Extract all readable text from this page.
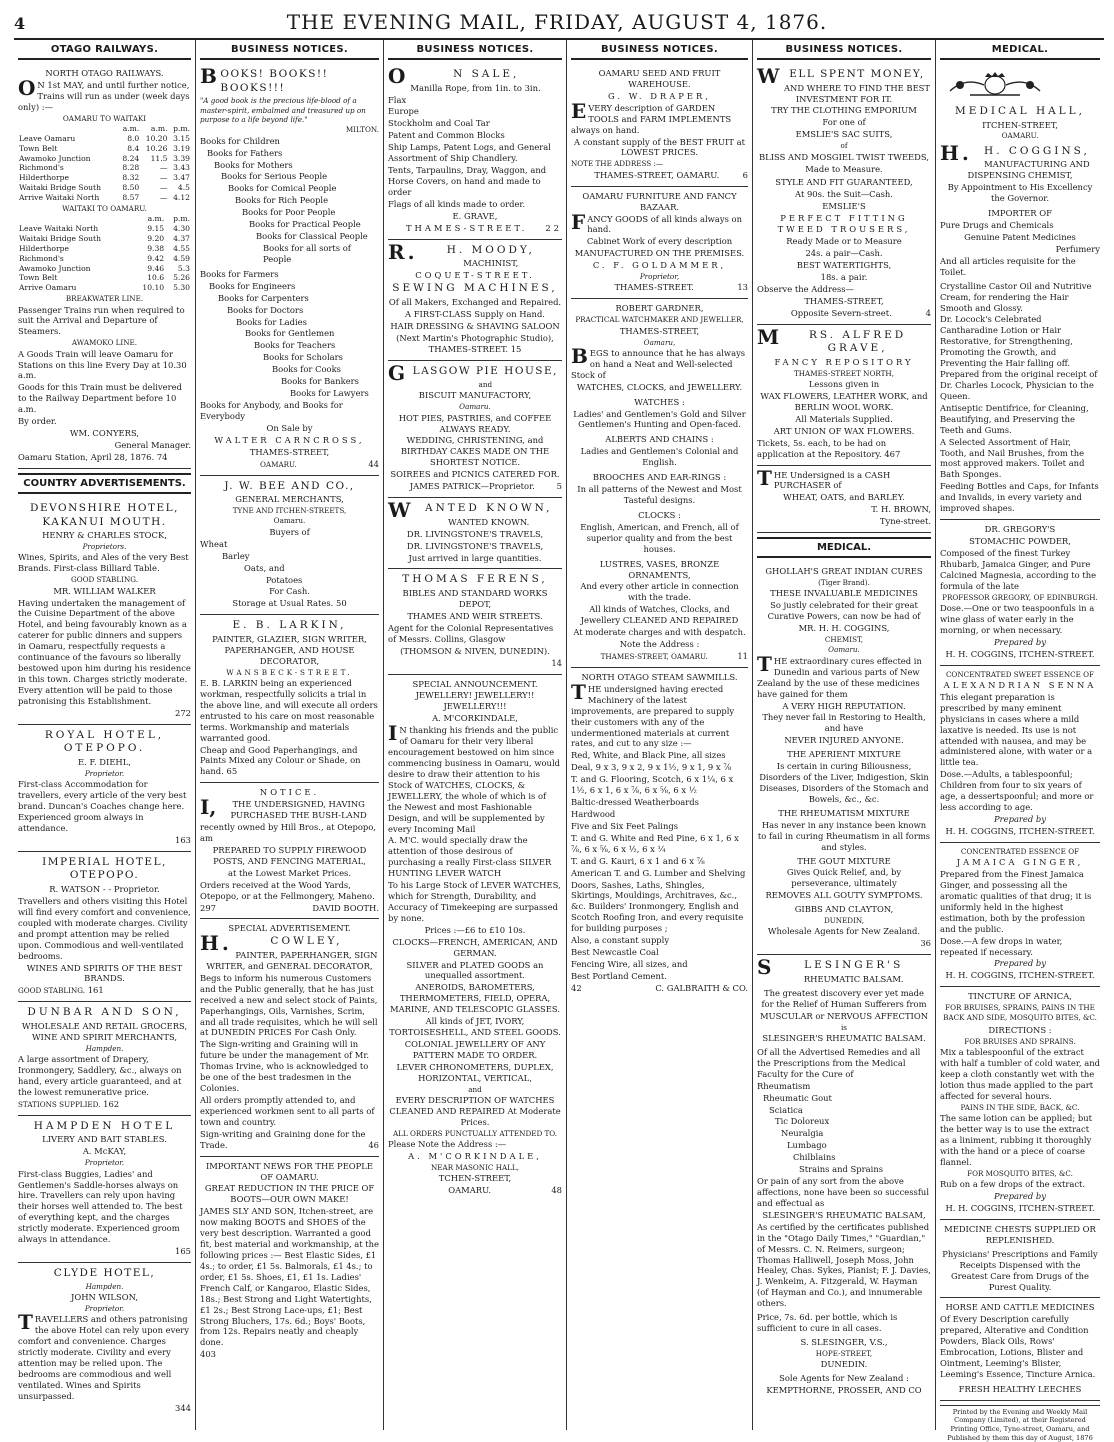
4	THE EVENING MAIL, FRIDAY, AUGUST 4, 1876.
OTAGO RAILWAYS.

NORTH OTAGO RAILWAYS.

ON 1st MAY, and until further notice, Trains will run as under (week days only) :—

OAMARU TO WAITAKI

	a.m.	a.m.	p.m.
Leave Oamaru	8.0	10.20	3.15
Town Belt	8.4	10.26	3.19
Awamoko Junction	8.24	11.5	3.39
Richmond's	8.28	—	3.43
Hilderthorpe	8.32	—	3.47
Waitaki Bridge South	8.50	—	4.5
Arrive Waitaki North	8.57	—	4.12

WAITAKI TO OAMARU.

	a.m.	p.m.
Leave Waitaki North	9.15	4.30
Waitaki Bridge South	9.20	4.37
Hilderthorpe	9.38	4.55
Richmond's	9.42	4.59
Awamoko Junction	9.46	5.3
Town Belt	10.6	5.26
Arrive Oamaru	10.10	5.30

BREAKWATER LINE.

Passenger Trains run when required to suit the Arrival and Departure of Steamers.

AWAMOKO LINE.

A Goods Train will leave Oamaru for Stations on this line Every Day at 10.30 a.m.

Goods for this Train must be delivered to the Railway Department before 10 a.m.

By order.

WM. CONYERS,

General Manager.

Oamaru Station, April 28, 1876. 74

COUNTRY ADVERTISEMENTS.

DEVONSHIRE HOTEL, KAKANUI MOUTH.

HENRY & CHARLES STOCK,

Proprietors.

Wines, Spirits, and Ales of the very Best Brands. First-class Billiard Table.

GOOD STABLING.

MR. WILLIAM WALKER

Having undertaken the management of the Cuisine Department of the above Hotel, and being favourably known as a caterer for public dinners and suppers in Oamaru, respectfully requests a continuance of the favours so liberally bestowed upon him during his residence in this town. Charges strictly moderate. Every attention will be paid to those patronising this Establishment.

272

ROYAL HOTEL, OTEPOPO.

E. F. DIEHL,

Proprietor.

First-class Accommodation for travellers, every article of the very best brand. Duncan's Coaches change here. Experienced groom always in attendance.

163

IMPERIAL HOTEL, OTEPOPO.

R. WATSON - - Proprietor.

Travellers and others visiting this Hotel will find every comfort and convenience, coupled with moderate charges. Civility and prompt attention may be relied upon. Commodious and well-ventilated bedrooms.

WINES AND SPIRITS OF THE BEST BRANDS.

GOOD STABLING. 161

DUNBAR AND SON,

WHOLESALE AND RETAIL GROCERS, WINE AND SPIRIT MERCHANTS,

Hampden.

A large assortment of Drapery, Ironmongery, Saddlery, &c., always on hand, every article guaranteed, and at the lowest remunerative price.

STATIONS SUPPLIED. 162

HAMPDEN HOTEL

LIVERY AND BAIT STABLES.

A. McKAY,

Proprietor.

First-class Buggies, Ladies' and Gentlemen's Saddle-horses always on hire. Travellers can rely upon having their horses well attended to. The best of everything kept, and the charges strictly moderate. Experienced groom always in attendance.

165

CLYDE HOTEL,

Hampden.

JOHN WILSON,

Proprietor.

TRAVELLERS and others patronising the above Hotel can rely upon every comfort and convenience. Charges strictly moderate. Civility and every attention may be relied upon. The bedrooms are commodious and well ventilated. Wines and Spirits unsurpassed.

344

BUSINESS NOTICES.

BOOKS! BOOKS!! BOOKS!!!

"A good book is the precious life-blood of a master-spirit, embalmed and treasured up on purpose to a life beyond life."

MILTON.

Books for Children

Books for Fathers

Books for Mothers

Books for Serious People

Books for Comical People

Books for Rich People

Books for Poor People

Books for Practical People

Books for Classical People

Books for all sorts of People

Books for Farmers

Books for Engineers

Books for Carpenters

Books for Doctors

Books for Ladies

Books for Gentlemen

Books for Teachers

Books for Scholars

Books for Cooks

Books for Bankers

Books for Lawyers

Books for Anybody, and Books for Everybody

On Sale by

WALTER CARNCROSS,

THAMES-STREET,

OAMARU.	44

J. W. BEE AND CO.,

GENERAL MERCHANTS,

TYNE AND ITCHEN-STREETS,

Oamaru.

Buyers of

Wheat

Barley

Oats, and

Potatoes

For Cash.

Storage at Usual Rates. 50

E. B. LARKIN,

PAINTER, GLAZIER, SIGN WRITER, PAPERHANGER, AND HOUSE DECORATOR,

WANSBECK-STREET.

E. B. LARKIN being an experienced workman, respectfully solicits a trial in the above line, and will execute all orders entrusted to his care on most reasonable terms. Workmanship and materials warranted good.

Cheap and Good Paperhangings, and Paints Mixed any Colour or Shade, on hand. 65

NOTICE.

I,THE UNDERSIGNED, HAVING PURCHASED THE BUSH-LAND

recently owned by Hill Bros., at Otepopo, am

PREPARED TO SUPPLY FIREWOOD POSTS, AND FENCING MATERIAL,

at the Lowest Market Prices.

Orders received at the Wood Yards, Otepopo, or at the Fellmongery, Maheno.

297	DAVID BOOTH.

SPECIAL ADVERTISEMENT.

H.COWLEY,

PAINTER, PAPERHANGER, SIGN WRITER, and GENERAL DECORATOR,

Begs to inform his numerous Customers and the Public generally, that he has just received a new and select stock of Paints, Paperhangings, Oils, Varnishes, Scrim, and all trade requisites, which he will sell at DUNEDIN PRICES For Cash Only.

The Sign-writing and Graining will in future be under the management of Mr. Thomas Irvine, who is acknowledged to be one of the best tradesmen in the Colonies.

All orders promptly attended to, and experienced workmen sent to all parts of town and country.

Sign-writing and Graining done for the Trade.	46

IMPORTANT NEWS FOR THE PEOPLE OF OAMARU.

GREAT REDUCTION IN THE PRICE OF BOOTS—OUR OWN MAKE!

JAMES SLY AND SON, Itchen-street, are now making BOOTS and SHOES of the very best description. Warranted a good fit, best material and workmanship, at the following prices :— Best Elastic Sides, £1 4s.; to order, £1 5s. Balmorals, £1 4s.; to order, £1 5s. Shoes, £1, £1 1s. Ladies' French Calf, or Kangaroo, Elastic Sides, 18s.; Best Strong and Light Watertights, £1 2s.; Best Strong Lace-ups, £1; Best Strong Bluchers, 17s. 6d.; Boys' Boots, from 12s. Repairs neatly and cheaply done.

403

BUSINESS NOTICES.

ON SALE,

Manilla Rope, from 1in. to 3in.

Flax

Europe

Stockholm and Coal Tar

Patent and Common Blocks

Ship Lamps, Patent Logs, and General Assortment of Ship Chandlery.

Tents, Tarpaulins, Dray, Waggon, and Horse Covers, on hand and made to order

Flags of all kinds made to order.

E. GRAVE,

THAMES-STREET. 22

R.H. MOODY,

MACHINIST,

COQUET-STREET.

SEWING MACHINES,

Of all Makers, Exchanged and Repaired.

A FIRST-CLASS Supply on Hand.

HAIR DRESSING & SHAVING SALOON

(Next Martin's Photographic Studio),

THAMES-STREET. 15

GLASGOW PIE HOUSE,

and

BISCUIT MANUFACTORY,

Oamaru.

HOT PIES, PASTRIES, and COFFEE ALWAYS READY.

WEDDING, CHRISTENING, and BIRTHDAY CAKES MADE ON THE SHORTEST NOTICE.

SOIREES and PICNICS CATERED FOR.

JAMES PATRICK—Proprietor.	5

WANTED KNOWN,

WANTED KNOWN.

DR. LIVINGSTONE'S TRAVELS,

DR. LIVINGSTONE'S TRAVELS,

Just arrived in large quantities.

THOMAS FERENS,

BIBLES AND STANDARD WORKS DEPOT,

THAMES AND WEIR STREETS.

Agent for the Colonial Representatives of Messrs. Collins, Glasgow

(THOMSON & NIVEN, DUNEDIN).

14

SPECIAL ANNOUNCEMENT.

JEWELLERY! JEWELLERY!! JEWELLERY!!!

A. M'CORKINDALE,

IN thanking his friends and the public of Oamaru for their very liberal encouragement bestowed on him since commencing business in Oamaru, would desire to draw their attention to his Stock of WATCHES, CLOCKS, & JEWELLERY, the whole of which is of the Newest and most Fashionable Design, and will be supplemented by every Incoming Mail

A. M'C. would specially draw the attention of those desirous of purchasing a really First-class SILVER HUNTING LEVER WATCH

To his Large Stock of LEVER WATCHES, which for Strength, Durability, and Accuracy of Timekeeping are surpassed by none.

Prices :—£6 to £10 10s.

CLOCKS—FRENCH, AMERICAN, AND GERMAN.

SILVER and PLATED GOODS an unequalled assortment.

ANEROIDS, BAROMETERS, THERMOMETERS, FIELD, OPERA, MARINE, AND TELESCOPIC GLASSES.

All kinds of JET, IVORY, TORTOISESHELL, AND STEEL GOODS.

COLONIAL JEWELLERY OF ANY PATTERN MADE TO ORDER.

LEVER CHRONOMETERS, DUPLEX, HORIZONTAL, VERTICAL,

and

EVERY DESCRIPTION OF WATCHES CLEANED AND REPAIRED At Moderate Prices.

ALL ORDERS PUNCTUALLY ATTENDED TO.

Please Note the Address :—

A. M'CORKINDALE,

NEAR MASONIC HALL,

TCHEN-STREET,

OAMARU.	48

BUSINESS NOTICES.

OAMARU SEED AND FRUIT WAREHOUSE.

G. W. DRAPER,

EVERY description of GARDEN TOOLS and FARM IMPLEMENTS always on hand.

A constant supply of the BEST FRUIT at LOWEST PRICES.

NOTE THE ADDRESS :—

THAMES-STREET, OAMARU.	6

OAMARU FURNITURE AND FANCY BAZAAR.

FANCY GOODS of all kinds always on hand.

Cabinet Work of every description

MANUFACTURED ON THE PREMISES.

C. F. GOLDAMMER,

Proprietor,

THAMES-STREET.	13

ROBERT GARDNER,

PRACTICAL WATCHMAKER AND JEWELLER,

THAMES-STREET,

Oamaru,

BEGS to announce that he has always on hand a Neat and Well-selected Stock of

WATCHES, CLOCKS, and JEWELLERY.

WATCHES :

Ladies' and Gentlemen's Gold and Silver Gentlemen's Hunting and Open-faced.

ALBERTS AND CHAINS :

Ladies and Gentlemen's Colonial and English.

BROOCHES AND EAR-RINGS :

In all patterns of the Newest and Most Tasteful designs.

CLOCKS :

English, American, and French, all of superior quality and from the best houses.

LUSTRES, VASES, BRONZE ORNAMENTS,

And every other article in connection with the trade.

All kinds of Watches, Clocks, and Jewellery CLEANED AND REPAIRED

At moderate charges and with despatch.

Note the Address :

THAMES-STREET, OAMARU.	11

NORTH OTAGO STEAM SAWMILLS.

THE undersigned having erected Machinery of the latest improvements, are prepared to supply their customers with any of the undermentioned materials at current rates, and cut to any size :—

Red, White, and Black Pine, all sizes

Deal, 9 x 3, 9 x 2, 9 x 1½, 9 x 1, 9 x ⅞

T. and G. Flooring, Scotch, 6 x 1¼, 6 x 1½, 6 x 1, 6 x ⅞, 6 x ⅝, 6 x ½

Baltic-dressed Weatherboards

Hardwood

Five and Six Feet Palings

T. and G. White and Red Pine, 6 x 1, 6 x ⅞, 6 x ⅝, 6 x ½, 6 x ¼

T. and G. Kauri, 6 x 1 and 6 x ⅞

American T. and G. Lumber and Shelving

Doors, Sashes, Laths, Shingles, Skirtings, Mouldings, Architraves, &c., &c. Builders' Ironmongery, English and Scotch Roofing Iron, and every requisite for building purposes ;

Also, a constant supply

Best Newcastle Coal

Fencing Wire, all sizes, and

Best Portland Cement.

42	C. GALBRAITH & CO.

BUSINESS NOTICES.

WELL SPENT MONEY,

AND WHERE TO FIND THE BEST INVESTMENT FOR IT.

TRY THE CLOTHING EMPORIUM

For one of

EMSLIE'S SAC SUITS,

of

BLISS AND MOSGIEL TWIST TWEEDS,

Made to Measure.

STYLE AND FIT GUARANTEED,

At 90s. the Suit—Cash.

EMSLIE'S

PERFECT FITTING TWEED TROUSERS,

Ready Made or to Measure

24s. a pair—Cash.

BEST WATERTIGHTS,

18s. a pair.

Observe the Address—

THAMES-STREET,

Opposite Severn-street.	4

MRS. ALFRED GRAVE,

FANCY REPOSITORY

THAMES-STREET NORTH,

Lessons given in

WAX FLOWERS, LEATHER WORK, and BERLIN WOOL WORK.

All Materials Supplied.

ART UNION OF WAX FLOWERS.

Tickets, 5s. each, to be had on application at the Repository. 467

THE Undersigned is a CASH PURCHASER of

WHEAT, OATS, and BARLEY.

T. H. BROWN,

Tyne-street.

MEDICAL.

GHOLLAH'S GREAT INDIAN CURES

(Tiger Brand).

THESE INVALUABLE MEDICINES

So justly celebrated for their great Curative Powers, can now be had of

MR. H. H. COGGINS,

CHEMIST,

Oamaru.

THE extraordinary cures effected in Dunedin and various parts of New Zealand by the use of these medicines have gained for them

A VERY HIGH REPUTATION.

They never fail in Restoring to Health, and have

NEVER INJURED ANYONE.

THE APERIENT MIXTURE

Is certain in curing Biliousness, Disorders of the Liver, Indigestion, Skin Diseases, Disorders of the Stomach and Bowels, &c., &c.

THE RHEUMATISM MIXTURE

Has never in any instance been known to fail in curing Rheumatism in all forms and styles.

THE GOUT MIXTURE

Gives Quick Relief, and, by perseverance, ultimately

REMOVES ALL GOUTY SYMPTOMS.

GIBBS AND CLAYTON,

DUNEDIN,

Wholesale Agents for New Zealand.

36

SLESINGER'S

RHEUMATIC BALSAM.

The greatest discovery ever yet made for the Relief of Human Sufferers from

MUSCULAR or NERVOUS AFFECTION

is

SLESINGER'S RHEUMATIC BALSAM.

Of all the Advertised Remedies and all the Prescriptions from the Medical Faculty for the Cure of

Rheumatism

Rheumatic Gout

Sciatica

Tic Doloreux

Neuralgia

Lumbago

Chilblains

Strains and Sprains

Or pain of any sort from the above affections, none have been so successful and effectual as

SLESINGER'S RHEUMATIC BALSAM,

As certified by the certificates published in the "Otago Daily Times," "Guardian," of Messrs. C. N. Reimers, surgeon; Thomas Halliwell, Joseph Moss, John Healey, Chas. Sykes, Pianist; F. J. Davies, J. Wenkeim, A. Fitzgerald, W. Hayman (of Hayman and Co.), and innumerable others.

Price, 7s. 6d. per bottle, which is sufficient to cure in all cases.

S. SLESINGER, V.S.,

HOPE-STREET,

DUNEDIN.

Sole Agents for New Zealand :

KEMPTHORNE, PROSSER, AND CO

MEDICAL.

MEDICAL HALL,

ITCHEN-STREET,

OAMARU.

H.H. COGGINS,

MANUFACTURING AND DISPENSING CHEMIST,

By Appointment to His Excellency the Governor.

IMPORTER OF

Pure Drugs and Chemicals

Genuine Patent Medicines

Perfumery

And all articles requisite for the Toilet.

Crystalline Castor Oil and Nutritive Cream, for rendering the Hair Smooth and Glossy.

Dr. Locock's Celebrated Cantharadine Lotion or Hair Restorative, for Strengthening, Promoting the Growth, and Preventing the Hair falling off. Prepared from the original receipt of Dr. Charles Locock, Physician to the Queen.

Antiseptic Dentifrice, for Cleaning, Beautifying, and Preserving the Teeth and Gums.

A Selected Assortment of Hair, Tooth, and Nail Brushes, from the most approved makers. Toilet and Bath Sponges.

Feeding Bottles and Caps, for Infants and Invalids, in every variety and improved shapes.

DR. GREGORY'S

STOMACHIC POWDER,

Composed of the finest Turkey Rhubarb, Jamaica Ginger, and Pure Calcined Magnesia, according to the formula of the late

PROFESSOR GREGORY, OF EDINBURGH.

Dose.—One or two teaspoonfuls in a wine glass of water early in the morning, or when necessary.

Prepared by

H. H. COGGINS, ITCHEN-STREET.

CONCENTRATED SWEET ESSENCE OF

ALEXANDRIAN SENNA

This elegant preparation is prescribed by many eminent physicians in cases where a mild laxative is needed. Its use is not attended with nausea, and may be administered alone, with water or a little tea.

Dose.—Adults, a tablespoonful; Children from four to six years of age, a dessertspoonful; and more or less according to age.

Prepared by

H. H. COGGINS, ITCHEN-STREET.

CONCENTRATED ESSENCE OF

JAMAICA GINGER,

Prepared from the Finest Jamaica Ginger, and possessing all the aromatic qualities of that drug; it is uniformly held in the highest estimation, both by the profession and the public.

Dose.—A few drops in water, repeated if necessary.

Prepared by

H. H. COGGINS, ITCHEN-STREET.

TINCTURE OF ARNICA,

FOR BRUISES, SPRAINS, PAINS IN THE BACK AND SIDE, MOSQUITO BITES, &C.

DIRECTIONS :

FOR BRUISES AND SPRAINS.

Mix a tablespoonful of the extract with half a tumbler of cold water, and keep a cloth constantly wet with the lotion thus made applied to the part affected for several hours.

PAINS IN THE SIDE, BACK, &C.

The same lotion can be applied; but the better way is to use the extract as a liniment, rubbing it thoroughly with the hand or a piece of coarse flannel.

FOR MOSQUITO BITES, &C.

Rub on a few drops of the extract.

Prepared by

H. H. COGGINS, ITCHEN-STREET.

MEDICINE CHESTS SUPPLIED OR REPLENISHED.

Physicians' Prescriptions and Family Receipts Dispensed with the Greatest Care from Drugs of the Purest Quality.

HORSE AND CATTLE MEDICINES

Of Every Description carefully prepared, Alterative and Condition Powders, Black Oils, Rows' Embrocation, Lotions, Blister and Ointment, Leeming's Blister, Leeming's Essence, Tincture Arnica.

FRESH HEALTHY LEECHES

Printed by the Evening and Weekly Mail Company (Limited), at their Registered Printing Office, Tyne-street, Oamaru, and Published by them this day of August, 1876
